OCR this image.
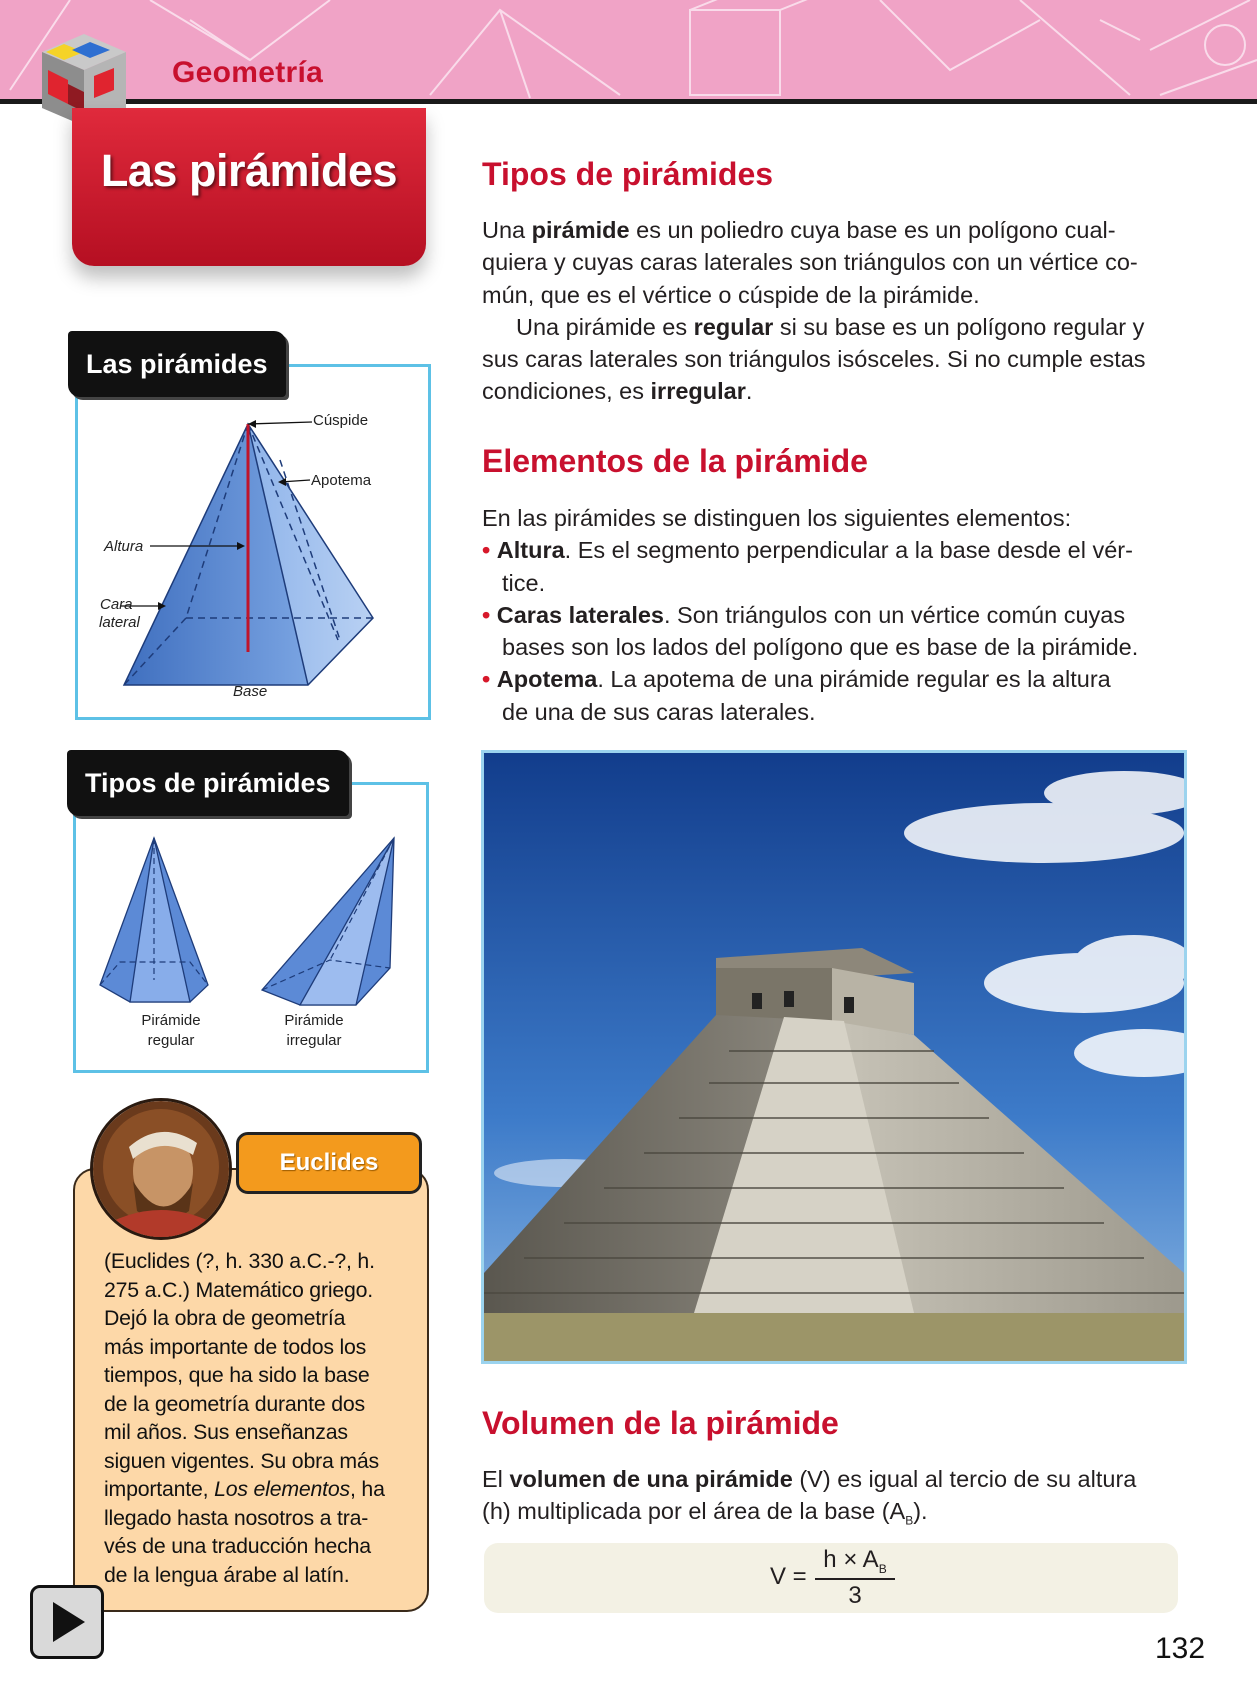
Geometría
Las pirámides
Las pirámides
Cúspide
Apotema
Altura
Cara
lateral
Base
Tipos de pirámides
Pirámide
regular
Pirámide
irregular
Euclides
(Euclides (?, h. 330 a.C.-?, h.
275 a.C.) Matemático griego.
Dejó la obra de geometría
más importante de todos los
tiempos, que ha sido la base
de la geometría durante dos
mil años. Sus enseñanzas
siguen vigentes. Su obra más
importante, Los elementos, ha
llegado hasta nosotros a tra-
vés de una traducción hecha
de la lengua árabe al latín.
Tipos de pirámides
Una pirámide es un poliedro cuya base es un polígono cual-
quiera y cuyas caras laterales son triángulos con un vértice co-
mún, que es el vértice o cúspide de la pirámide.
Una pirámide es regular si su base es un polígono regular y
sus caras laterales son triángulos isósceles. Si no cumple estas
condiciones, es irregular.
Elementos de la pirámide
En las pirámides se distinguen los siguientes elementos:
• Altura. Es el segmento perpendicular a la base desde el vér-
tice.
• Caras laterales. Son triángulos con un vértice común cuyas
bases son los lados del polígono que es base de la pirámide.
• Apotema. La apotema de una pirámide regular es la altura
de una de sus caras laterales.
Volumen de la pirámide
El volumen de una pirámide (V) es igual al tercio de su altura
(h) multiplicada por el área de la base $(A_B)$.
V =
$h \times A_B$
3
132
